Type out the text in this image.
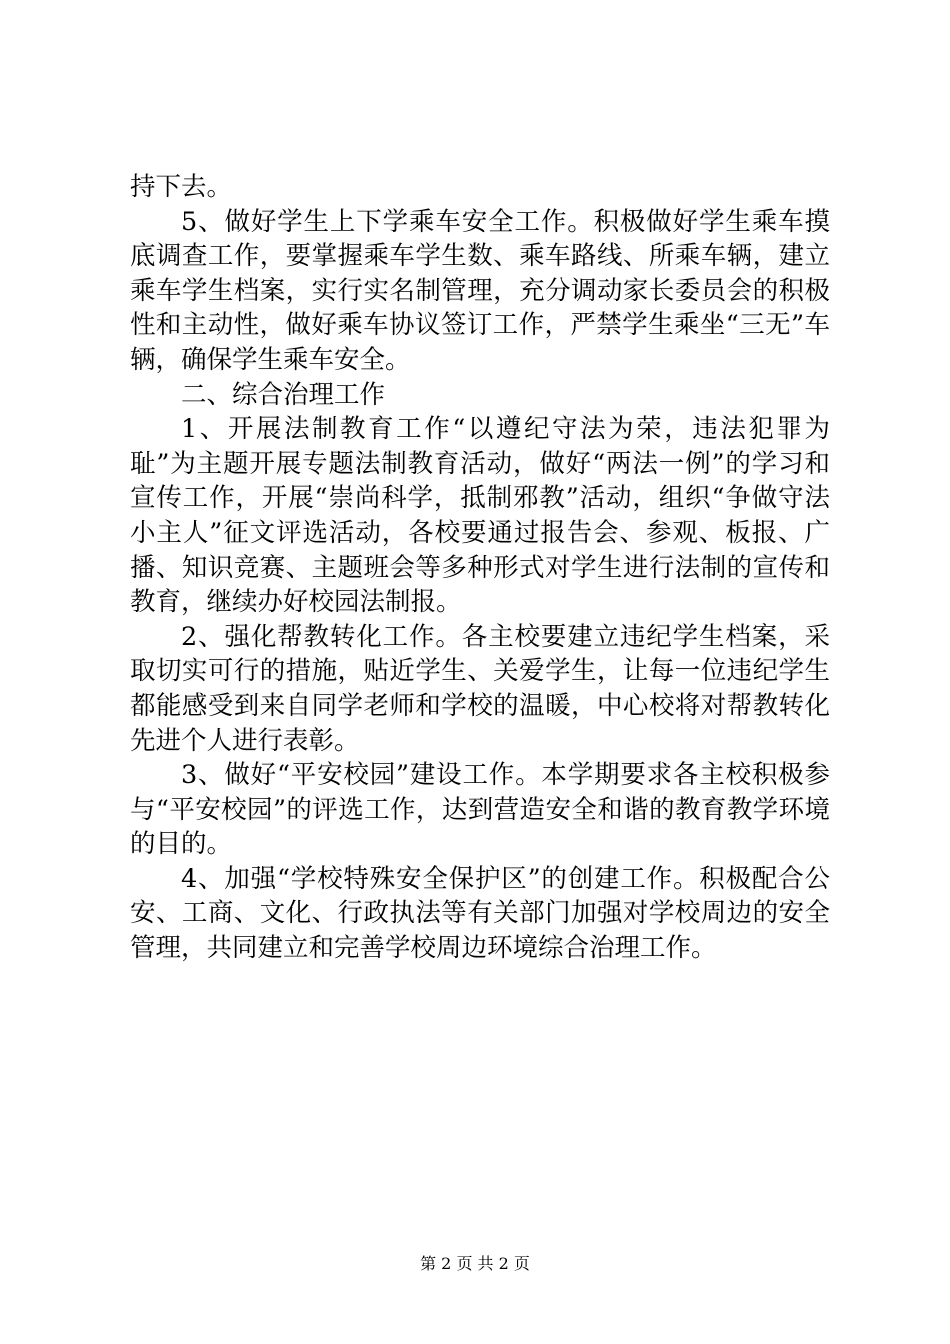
持下去。

5、做好学生上下学乘车安全工作。积极做好学生乘车摸底调查工作，要掌握乘车学生数、乘车路线、所乘车辆，建立乘车学生档案，实行实名制管理，充分调动家长委员会的积极性和主动性，做好乘车协议签订工作，严禁学生乘坐“三无”车辆，确保学生乘车安全。

二、综合治理工作

1、开展法制教育工作“以遵纪守法为荣，违法犯罪为耻”为主题开展专题法制教育活动，做好“两法一例”的学习和宣传工作，开展“崇尚科学，抵制邪教”活动，组织“争做守法小主人”征文评选活动，各校要通过报告会、参观、板报、广播、知识竞赛、主题班会等多种形式对学生进行法制的宣传和教育，继续办好校园法制报。

2、强化帮教转化工作。各主校要建立违纪学生档案，采取切实可行的措施，贴近学生、关爱学生，让每一位违纪学生都能感受到来自同学老师和学校的温暖，中心校将对帮教转化先进个人进行表彰。

3、做好“平安校园”建设工作。本学期要求各主校积极参与“平安校园”的评选工作，达到营造安全和谐的教育教学环境的目的。

4、加强“学校特殊安全保护区”的创建工作。积极配合公安、工商、文化、行政执法等有关部门加强对学校周边的安全管理，共同建立和完善学校周边环境综合治理工作。

第 2 页 共 2 页
